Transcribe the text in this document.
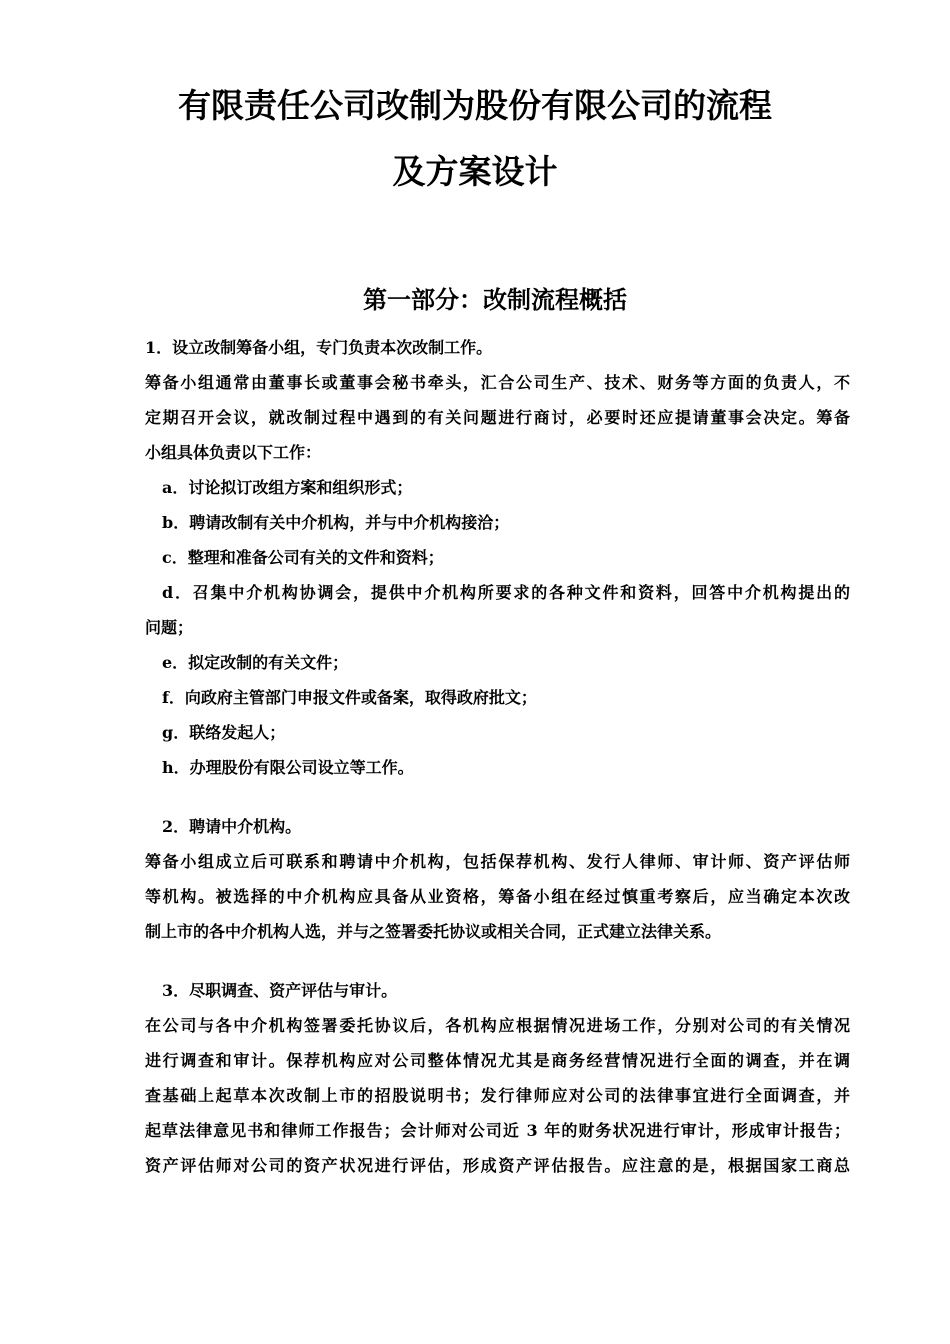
有限责任公司改制为股份有限公司的流程
及方案设计
第一部分：改制流程概括

1．设立改制筹备小组，专门负责本次改制工作。

筹备小组通常由董事长或董事会秘书牵头，汇合公司生产、技术、财务等方面的负责人，不

定期召开会议，就改制过程中遇到的有关问题进行商讨，必要时还应提请董事会决定。筹备

小组具体负责以下工作：

a．讨论拟订改组方案和组织形式；

b．聘请改制有关中介机构，并与中介机构接洽；

c．整理和准备公司有关的文件和资料；

d．召集中介机构协调会，提供中介机构所要求的各种文件和资料，回答中介机构提出的

问题；

e．拟定改制的有关文件；

f．向政府主管部门申报文件或备案，取得政府批文；

g．联络发起人；

h．办理股份有限公司设立等工作。

2．聘请中介机构。

筹备小组成立后可联系和聘请中介机构，包括保荐机构、发行人律师、审计师、资产评估师

等机构。被选择的中介机构应具备从业资格，筹备小组在经过慎重考察后，应当确定本次改

制上市的各中介机构人选，并与之签署委托协议或相关合同，正式建立法律关系。

3．尽职调查、资产评估与审计。

在公司与各中介机构签署委托协议后，各机构应根据情况进场工作，分别对公司的有关情况

进行调查和审计。保荐机构应对公司整体情况尤其是商务经营情况进行全面的调查，并在调

查基础上起草本次改制上市的招股说明书；发行律师应对公司的法律事宜进行全面调查，并

起草法律意见书和律师工作报告；会计师对公司近 3 年的财务状况进行审计，形成审计报告；

资产评估师对公司的资产状况进行评估，形成资产评估报告。应注意的是，根据国家工商总
